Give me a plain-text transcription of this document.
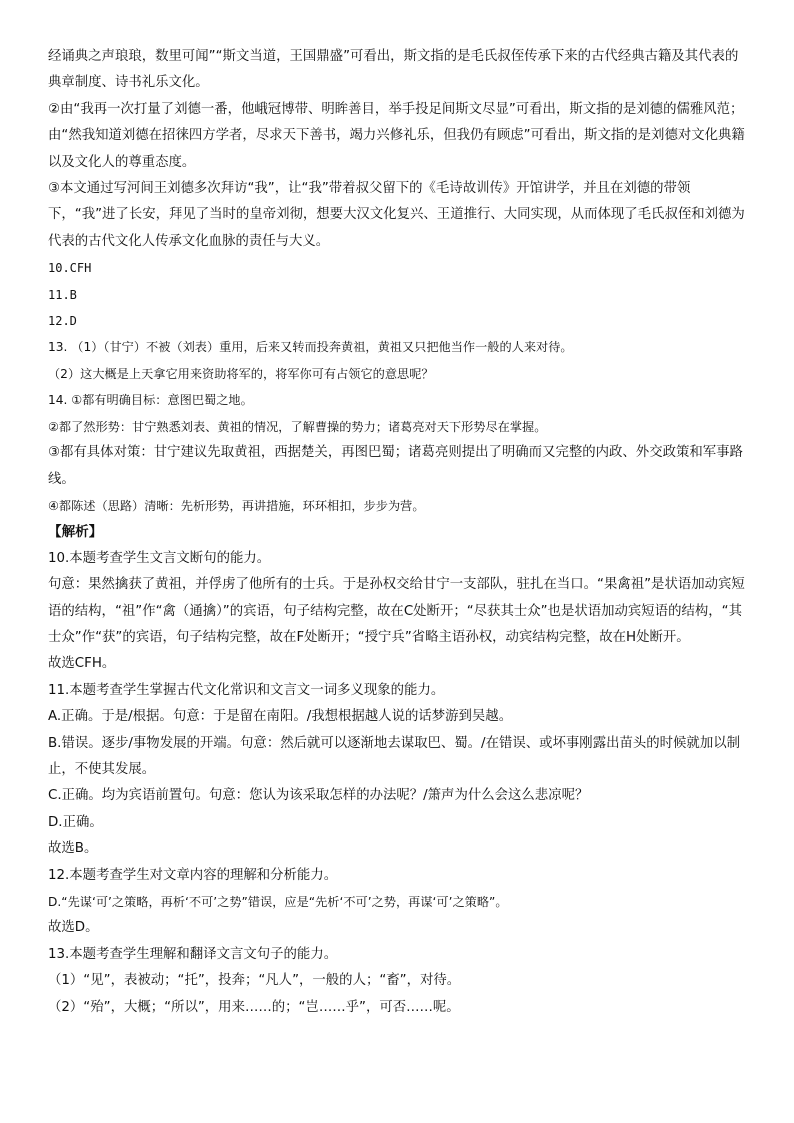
经诵典之声琅琅，数里可闻”“斯文当道，王国鼎盛”可看出，斯文指的是毛氏叔侄传承下来的古代经典古籍及其代表的典章制度、诗书礼乐文化。

②由“我再一次打量了刘德一番，他峨冠博带、明眸善目，举手投足间斯文尽显”可看出，斯文指的是刘德的儒雅风范；由“然我知道刘德在招徕四方学者，尽求天下善书，竭力兴修礼乐，但我仍有顾虑”可看出，斯文指的是刘德对文化典籍以及文化人的尊重态度。

③本文通过写河间王刘德多次拜访“我”，让“我”带着叔父留下的《毛诗故训传》开馆讲学，并且在刘德的带领下，“我”进了长安，拜见了当时的皇帝刘彻，想要大汉文化复兴、王道推行、大同实现，从而体现了毛氏叔侄和刘德为代表的古代文化人传承文化血脉的责任与大义。

10.CFH

11.B

12.D

13. （1）（甘宁）不被（刘表）重用，后来又转而投奔黄祖，黄祖又只把他当作一般的人来对待。

（2）这大概是上天拿它用来资助将军的，将军你可有占领它的意思呢？

14. ①都有明确目标：意图巴蜀之地。

②都了然形势：甘宁熟悉刘表、黄祖的情况，了解曹操的势力；诸葛亮对天下形势尽在掌握。

③都有具体对策：甘宁建议先取黄祖，西据楚关，再图巴蜀；诸葛亮则提出了明确而又完整的内政、外交政策和军事路线。

④都陈述（思路）清晰：先析形势，再讲措施，环环相扣，步步为营。

【解析】

10.本题考查学生文言文断句的能力。

句意：果然擒获了黄祖，并俘虏了他所有的士兵。于是孙权交给甘宁一支部队，驻扎在当口。“果禽祖”是状语加动宾短语的结构，“祖”作“禽（通擒）”的宾语，句子结构完整，故在C处断开；“尽获其士众”也是状语加动宾短语的结构，“其士众”作“获”的宾语，句子结构完整，故在F处断开；“授宁兵”省略主语孙权，动宾结构完整，故在H处断开。

故选CFH。

11.本题考查学生掌握古代文化常识和文言文一词多义现象的能力。

A.正确。于是/根据。句意：于是留在南阳。/我想根据越人说的话梦游到吴越。

B.错误。逐步/事物发展的开端。句意：然后就可以逐渐地去谋取巴、蜀。/在错误、或坏事刚露出苗头的时候就加以制止，不使其发展。

C.正确。均为宾语前置句。句意：您认为该采取怎样的办法呢？/箫声为什么会这么悲凉呢？

D.正确。

故选B。

12.本题考查学生对文章内容的理解和分析能力。

D.“先谋‘可’之策略，再析‘不可’之势”错误，应是“先析‘不可’之势，再谋‘可’之策略”。

故选D。

13.本题考查学生理解和翻译文言文句子的能力。

（1）“见”，表被动；“托”，投奔；“凡人”，一般的人；“畜”，对待。

（2）“殆”，大概；“所以”，用来……的；“岂……乎”，可否……呢。
